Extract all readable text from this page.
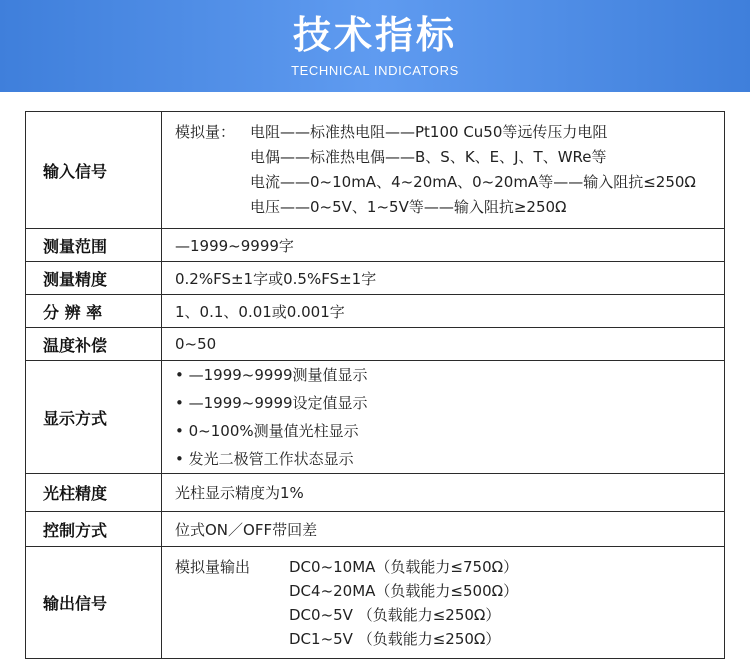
技术指标
TECHNICAL INDICATORS
输入信号	模拟量： 电阻——标准热电阻——Pt100 Cu50等远传压力电阻
电偶——标准热电偶——B、S、K、E、J、T、WRe等
电流——0~10mA、4~20mA、0~20mA等——输入阻抗≤250Ω
电压——0~5V、1~5V等——输入阻抗≥250Ω

测量范围	—1999~9999字
测量精度	0.2%FS±1字或0.5%FS±1字
分 辨 率	1、0.1、0.01或0.001字
温度补偿	0~50
显示方式	• —1999~9999测量值显示
• —1999~9999设定值显示
• 0~100%测量值光柱显示
• 发光二极管工作状态显示

光柱精度	光柱显示精度为1%
控制方式	位式ON／OFF带回差
输出信号	模拟量输出 DC0~10MA（负载能力≤750Ω）
DC4~20MA（负载能力≤500Ω）
DC0~5V （负载能力≤250Ω）
DC1~5V （负载能力≤250Ω）
